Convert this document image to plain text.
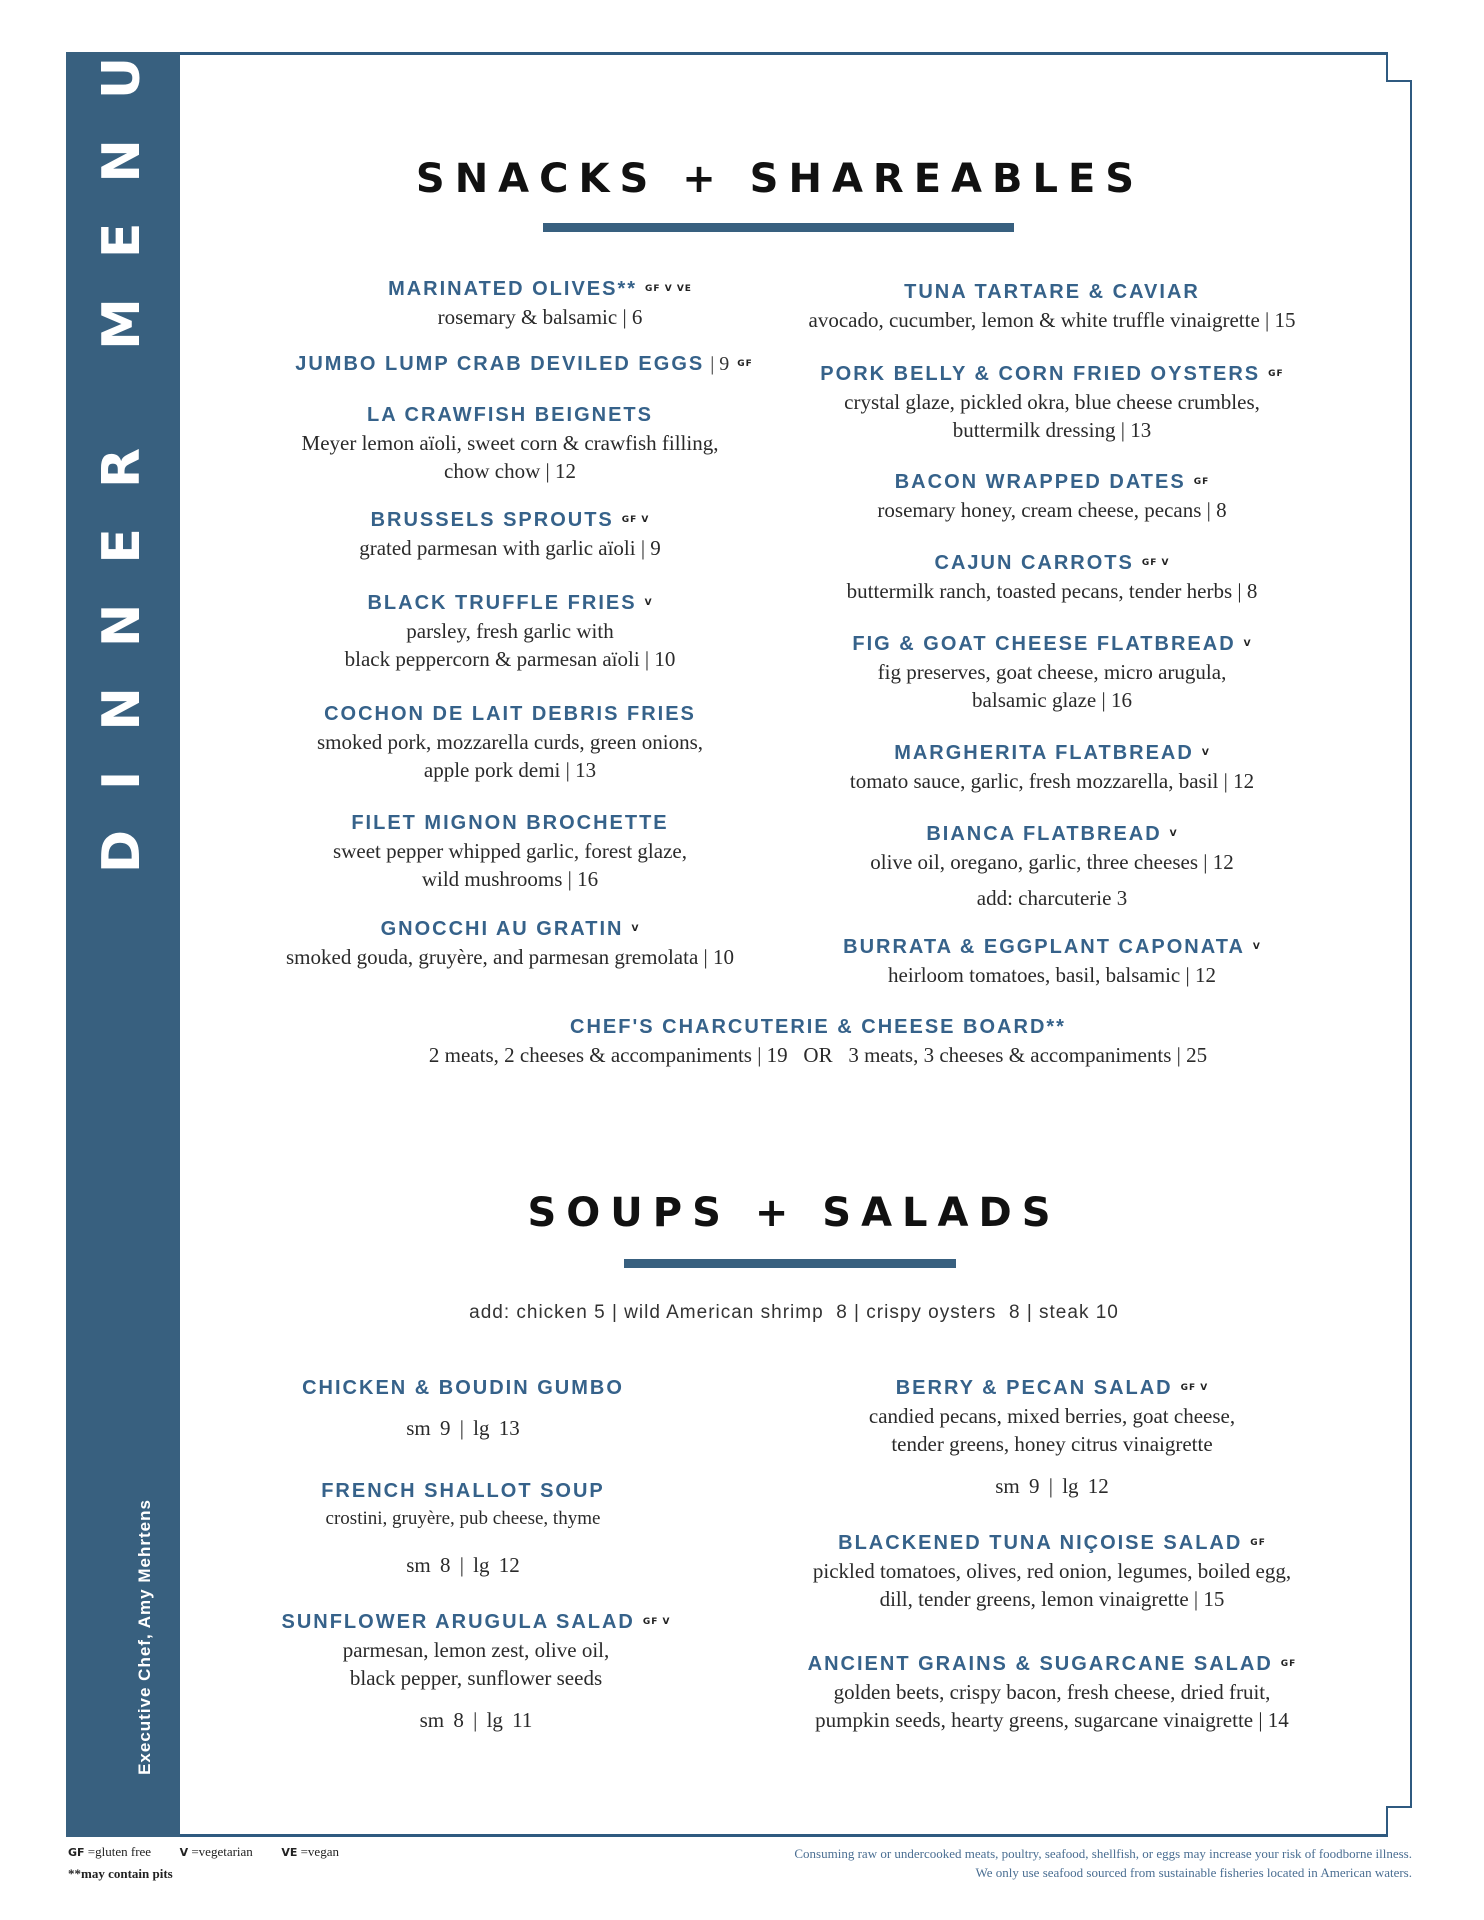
DINNER MENU
Executive Chef, Amy Mehrtens
SNACKS + SHAREABLES
MARINATED OLIVES** $^{GF V VE}$
rosemary & balsamic | 6
JUMBO LUMP CRAB DEVILED EGGS | 9 $^{GF}$
LA CRAWFISH BEIGNETS
Meyer lemon aïoli, sweet corn & crawfish filling,
chow chow | 12
BRUSSELS SPROUTS $^{GF V}$
grated parmesan with garlic aïoli | 9
BLACK TRUFFLE FRIES $^V$
parsley, fresh garlic with
black peppercorn & parmesan aïoli | 10
COCHON DE LAIT DEBRIS FRIES
smoked pork, mozzarella curds, green onions,
apple pork demi | 13
FILET MIGNON BROCHETTE
sweet pepper whipped garlic, forest glaze,
wild mushrooms | 16
GNOCCHI AU GRATIN $^V$
smoked gouda, gruyère, and parmesan gremolata | 10
TUNA TARTARE & CAVIAR
avocado, cucumber, lemon & white truffle vinaigrette | 15
PORK BELLY & CORN FRIED OYSTERS $^{GF}$
crystal glaze, pickled okra, blue cheese crumbles,
buttermilk dressing | 13
BACON WRAPPED DATES $^{GF}$
rosemary honey, cream cheese, pecans | 8
CAJUN CARROTS $^{GF V}$
buttermilk ranch, toasted pecans, tender herbs | 8
FIG & GOAT CHEESE FLATBREAD $^V$
fig preserves, goat cheese, micro arugula,
balsamic glaze | 16
MARGHERITA FLATBREAD $^V$
tomato sauce, garlic, fresh mozzarella, basil | 12
BIANCA FLATBREAD $^V$
olive oil, oregano, garlic, three cheeses | 12
add: charcuterie 3
BURRATA & EGGPLANT CAPONATA $^V$
heirloom tomatoes, basil, balsamic | 12
CHEF'S CHARCUTERIE & CHEESE BOARD**
2 meats, 2 cheeses & accompaniments | 19   OR   3 meats, 3 cheeses & accompaniments | 25
SOUPS + SALADS
add: chicken 5 | wild American shrimp  8 | crispy oysters  8 | steak 10
CHICKEN & BOUDIN GUMBO
sm 9 | lg 13
FRENCH SHALLOT SOUP
crostini, gruyère, pub cheese, thyme
sm 8 | lg 12
SUNFLOWER ARUGULA SALAD $^{GF V}$
parmesan, lemon zest, olive oil,
black pepper, sunflower seeds
sm 8 | lg 11
BERRY & PECAN SALAD $^{GF V}$
candied pecans, mixed berries, goat cheese,
tender greens, honey citrus vinaigrette
sm 9 | lg 12
BLACKENED TUNA NIÇOISE SALAD $^{GF}$
pickled tomatoes, olives, red onion, legumes, boiled egg,
dill, tender greens, lemon vinaigrette | 15
ANCIENT GRAINS & SUGARCANE SALAD $^{GF}$
golden beets, crispy bacon, fresh cheese, dried fruit,
pumpkin seeds, hearty greens, sugarcane vinaigrette | 14
GF =gluten free	V =vegetarian	VE =vegan
**may contain pits
Consuming raw or undercooked meats, poultry, seafood, shellfish, or eggs may increase your risk of foodborne illness.
We only use seafood sourced from sustainable fisheries located in American waters.
